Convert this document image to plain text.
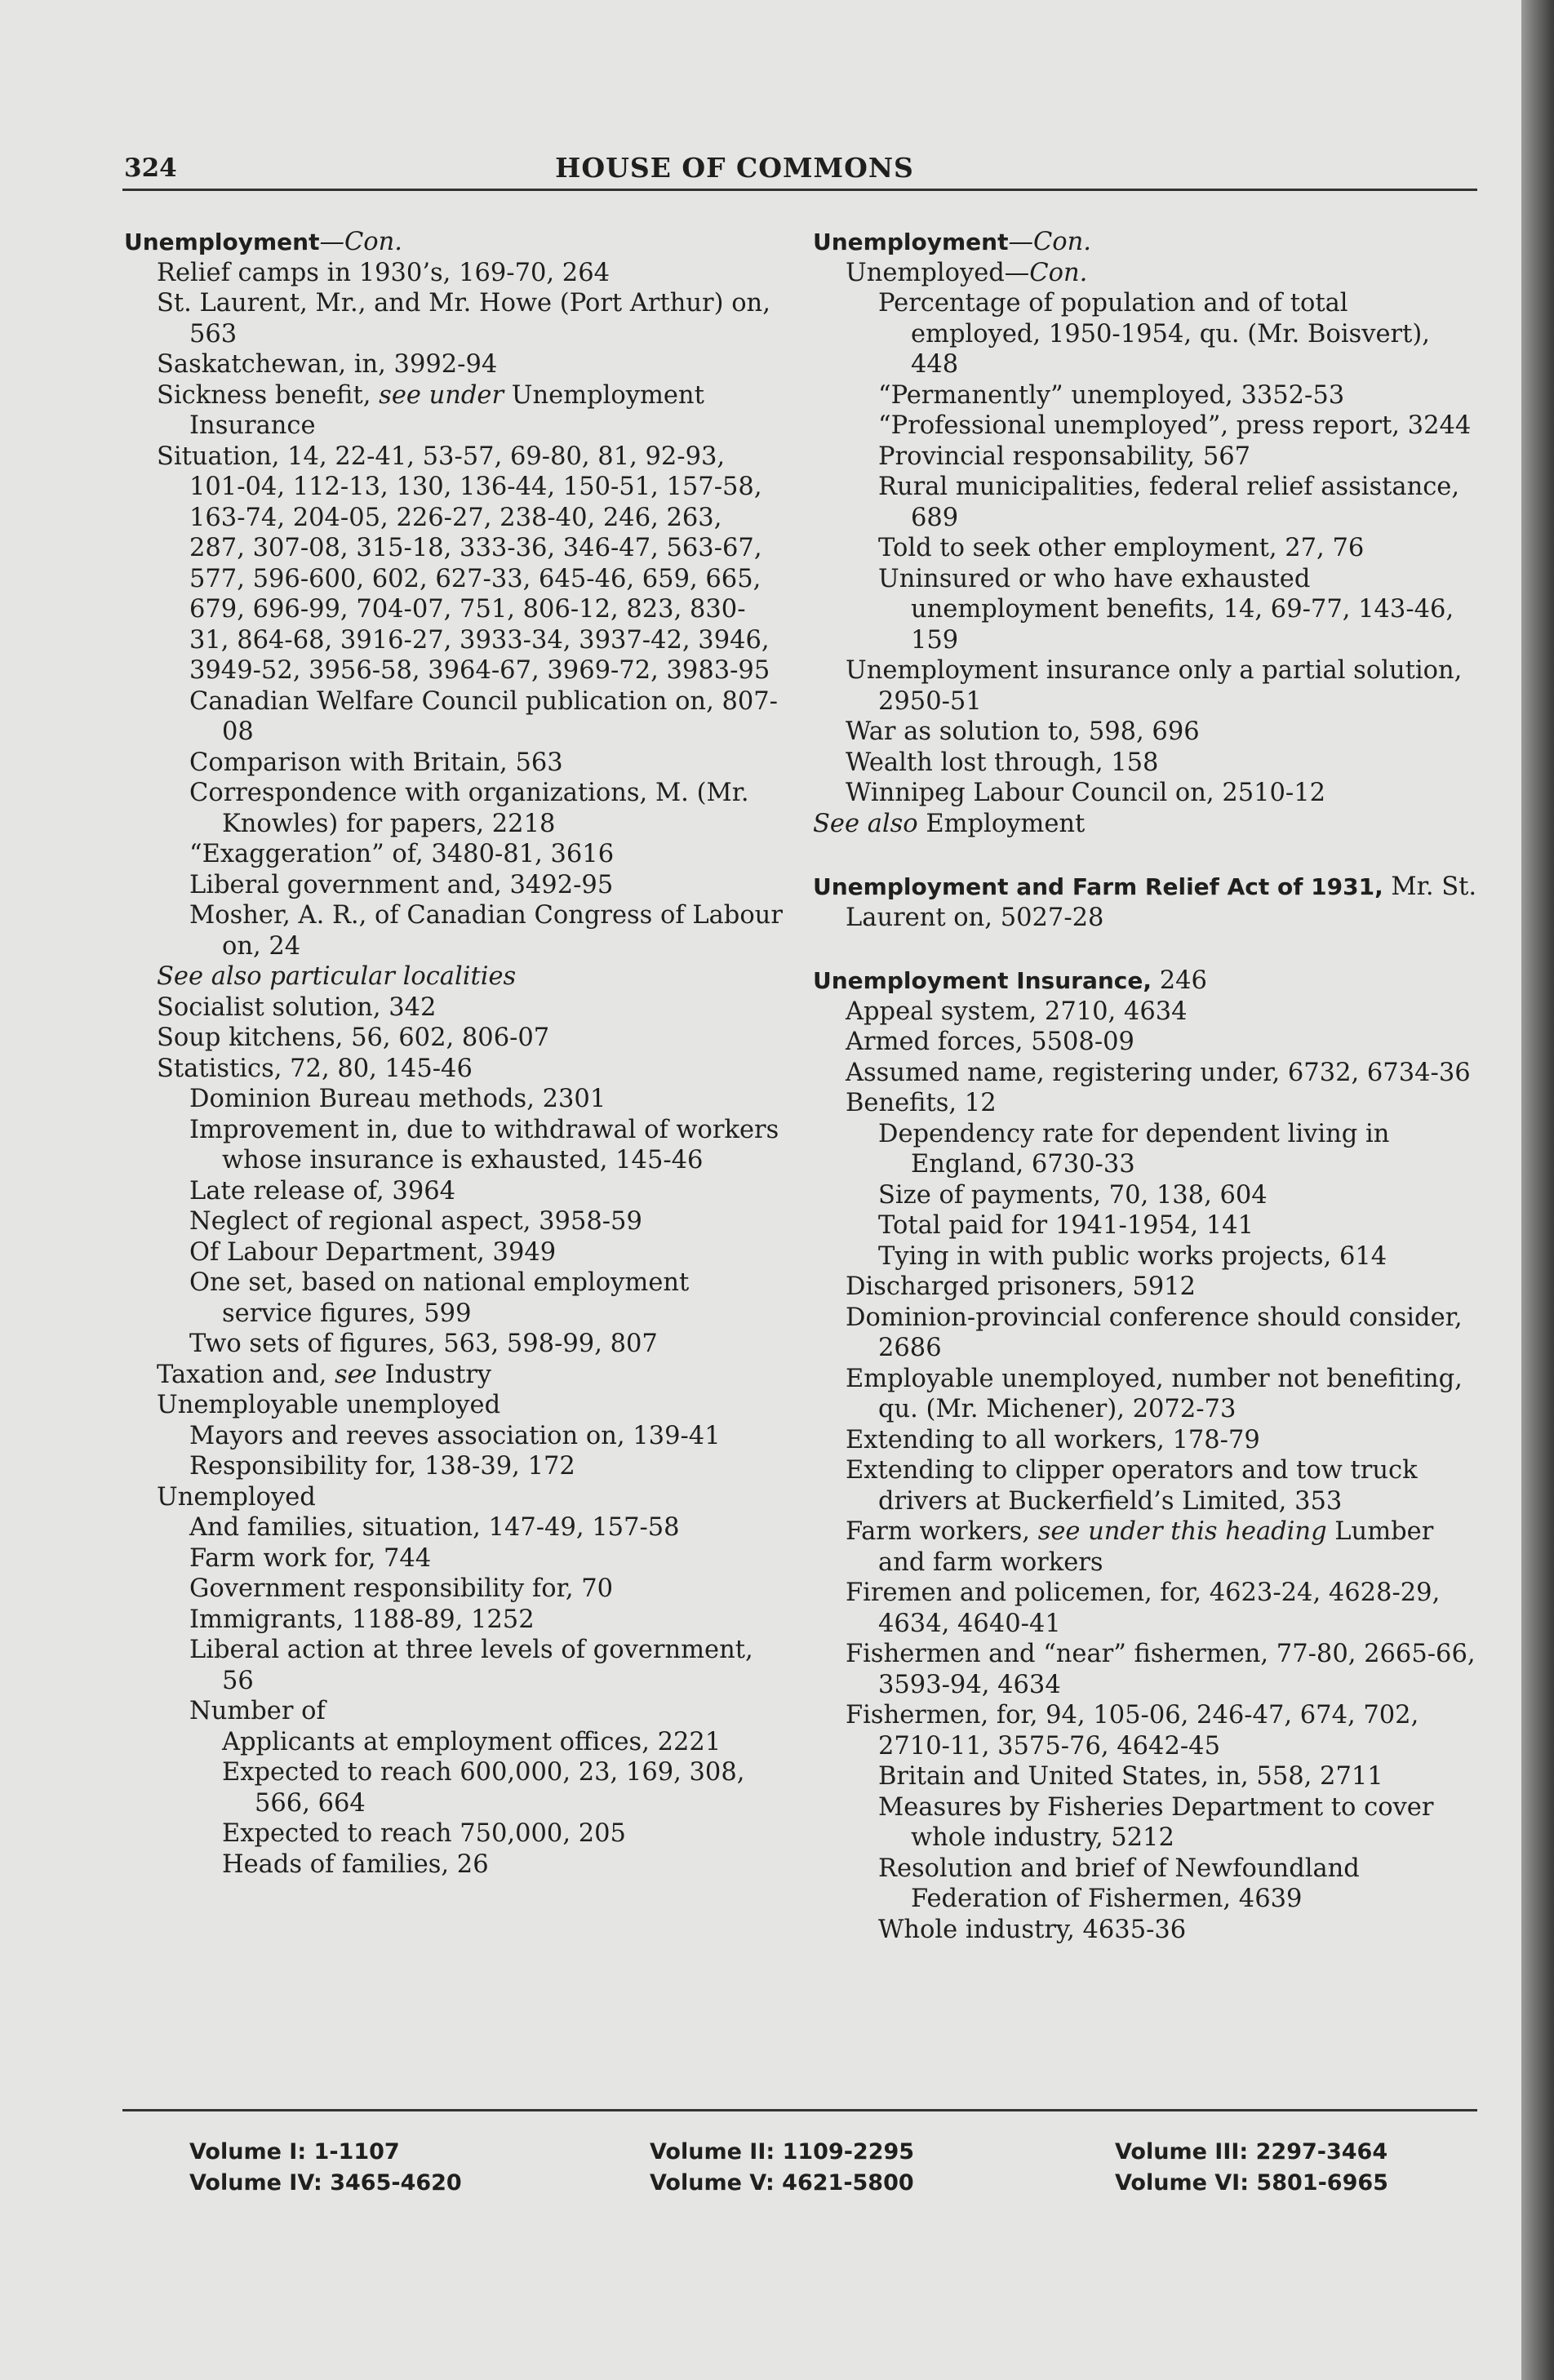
324	HOUSE OF COMMONS

Unemployment—Con.

Relief camps in 1930’s, 169-70, 264

St. Laurent, Mr., and Mr. Howe (Port Arthur) on, 563

Saskatchewan, in, 3992-94

Sickness benefit, see under Unemployment Insurance

Situation, 14, 22-41, 53-57, 69-80, 81, 92-93, 101-04, 112-13, 130, 136-44, 150-51, 157-58, 163-74, 204-05, 226-27, 238-40, 246, 263, 287, 307-08, 315-18, 333-36, 346-47, 563-67, 577, 596-600, 602, 627-33, 645-46, 659, 665, 679, 696-99, 704-07, 751, 806-12, 823, 830-31, 864-68, 3916-27, 3933-34, 3937-42, 3946, 3949-52, 3956-58, 3964-67, 3969-72, 3983-95

Canadian Welfare Council publication on, 807-08

Comparison with Britain, 563

Correspondence with organizations, M. (Mr. Knowles) for papers, 2218

“Exaggeration” of, 3480-81, 3616

Liberal government and, 3492-95

Mosher, A. R., of Canadian Congress of Labour on, 24

See also particular localities

Socialist solution, 342

Soup kitchens, 56, 602, 806-07

Statistics, 72, 80, 145-46

Dominion Bureau methods, 2301

Improvement in, due to withdrawal of workers whose insurance is exhausted, 145-46

Late release of, 3964

Neglect of regional aspect, 3958-59

Of Labour Department, 3949

One set, based on national employment service figures, 599

Two sets of figures, 563, 598-99, 807

Taxation and, see Industry

Unemployable unemployed

Mayors and reeves association on, 139-41

Responsibility for, 138-39, 172

Unemployed

And families, situation, 147-49, 157-58

Farm work for, 744

Government responsibility for, 70

Immigrants, 1188-89, 1252

Liberal action at three levels of government, 56

Number of

Applicants at employment offices, 2221

Expected to reach 600,000, 23, 169, 308, 566, 664

Expected to reach 750,000, 205

Heads of families, 26

Unemployment—Con.

Unemployed—Con.

Percentage of population and of total employed, 1950-1954, qu. (Mr. Boisvert), 448

“Permanently” unemployed, 3352-53

“Professional unemployed”, press report, 3244

Provincial responsability, 567

Rural municipalities, federal relief assistance, 689

Told to seek other employment, 27, 76

Uninsured or who have exhausted unemployment benefits, 14, 69-77, 143-46, 159

Unemployment insurance only a partial solution, 2950-51

War as solution to, 598, 696

Wealth lost through, 158

Winnipeg Labour Council on, 2510-12

See also Employment

Unemployment and Farm Relief Act of 1931, Mr. St. Laurent on, 5027-28

Unemployment Insurance, 246

Appeal system, 2710, 4634

Armed forces, 5508-09

Assumed name, registering under, 6732, 6734-36

Benefits, 12

Dependency rate for dependent living in England, 6730-33

Size of payments, 70, 138, 604

Total paid for 1941-1954, 141

Tying in with public works projects, 614

Discharged prisoners, 5912

Dominion-provincial conference should consider, 2686

Employable unemployed, number not benefiting, qu. (Mr. Michener), 2072-73

Extending to all workers, 178-79

Extending to clipper operators and tow truck drivers at Buckerfield’s Limited, 353

Farm workers, see under this heading Lumber and farm workers

Firemen and policemen, for, 4623-24, 4628-29, 4634, 4640-41

Fishermen and “near” fishermen, 77-80, 2665-66, 3593-94, 4634

Fishermen, for, 94, 105-06, 246-47, 674, 702, 2710-11, 3575-76, 4642-45

Britain and United States, in, 558, 2711

Measures by Fisheries Department to cover whole industry, 5212

Resolution and brief of Newfoundland Federation of Fishermen, 4639

Whole industry, 4635-36

Volume I: 1-1107
Volume IV: 3465-4620
Volume II: 1109-2295
Volume V: 4621-5800
Volume III: 2297-3464
Volume VI: 5801-6965
